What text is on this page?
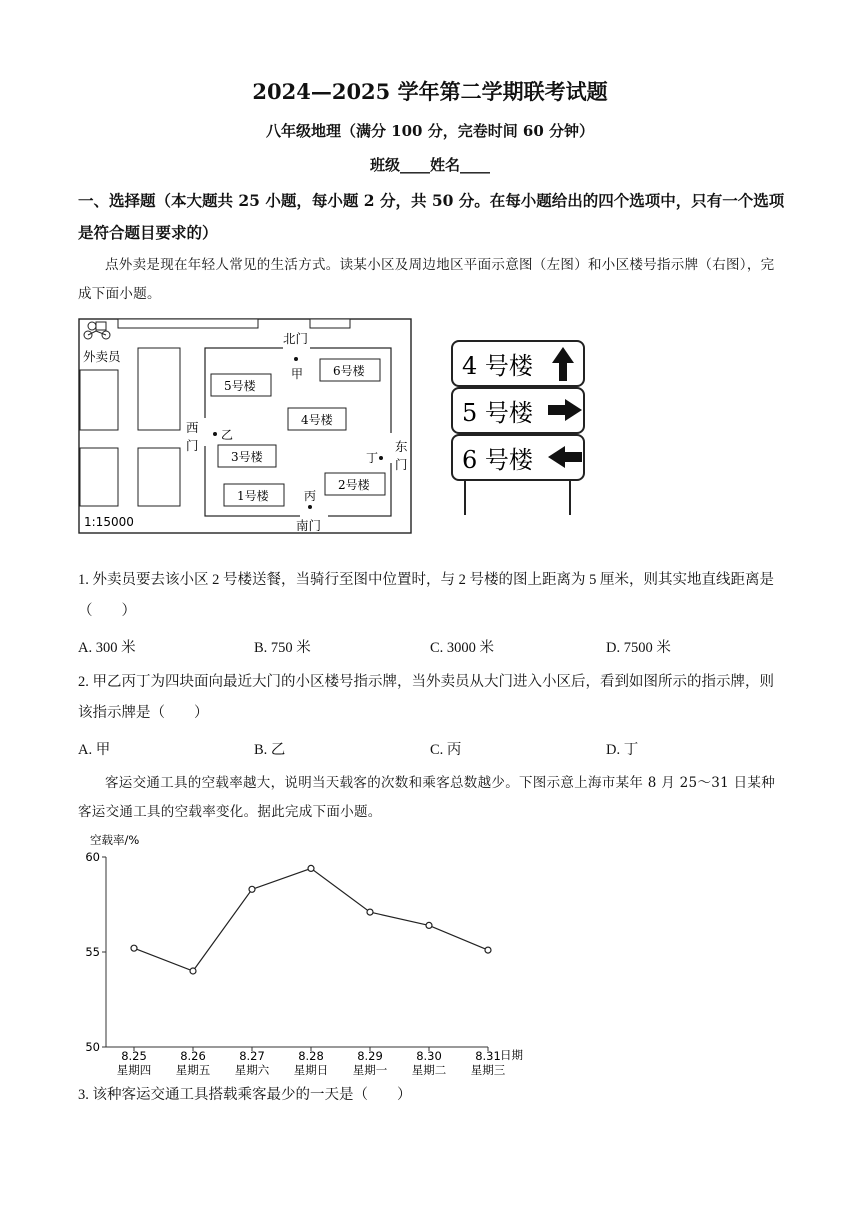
2024—2025 学年第二学期联考试题
八年级地理（满分 100 分，完卷时间 60 分钟）
班级____姓名____
一、选择题（本大题共 25 小题，每小题 2 分，共 50 分。在每小题给出的四个选项中，只有一个选项是符合题目要求的）
点外卖是现在年轻人常见的生活方式。读某小区及周边地区平面示意图（左图）和小区楼号指示牌（右图），完成下面小题。
外卖员
北门
西
门	东
门
南门
5号楼
6号楼
4号楼
3号楼
2号楼
1号楼
甲
乙
丙
丁
1:15000
4 号楼
5 号楼
6 号楼
1. 外卖员要去该小区 2 号楼送餐，当骑行至图中位置时，与 2 号楼的图上距离为 5 厘米，则其实地直线距离是（　　）
A. 300 米	B. 750 米	C. 3000 米	D. 7500 米
2. 甲乙丙丁为四块面向最近大门的小区楼号指示牌，当外卖员从大门进入小区后，看到如图所示的指示牌，则该指示牌是（　　）
A. 甲	B. 乙	C. 丙	D. 丁
客运交通工具的空载率越大，说明当天载客的次数和乘客总数越少。下图示意上海市某年 8 月 25～31 日某种客运交通工具的空载率变化。据此完成下面小题。
空载率/%
日期
50
55
60
8.25
星期四
8.26
星期五
8.27
星期六
8.28
星期日
8.29
星期一
8.30
星期二
8.31
星期三
3. 该种客运交通工具搭载乘客最少的一天是（　　）
